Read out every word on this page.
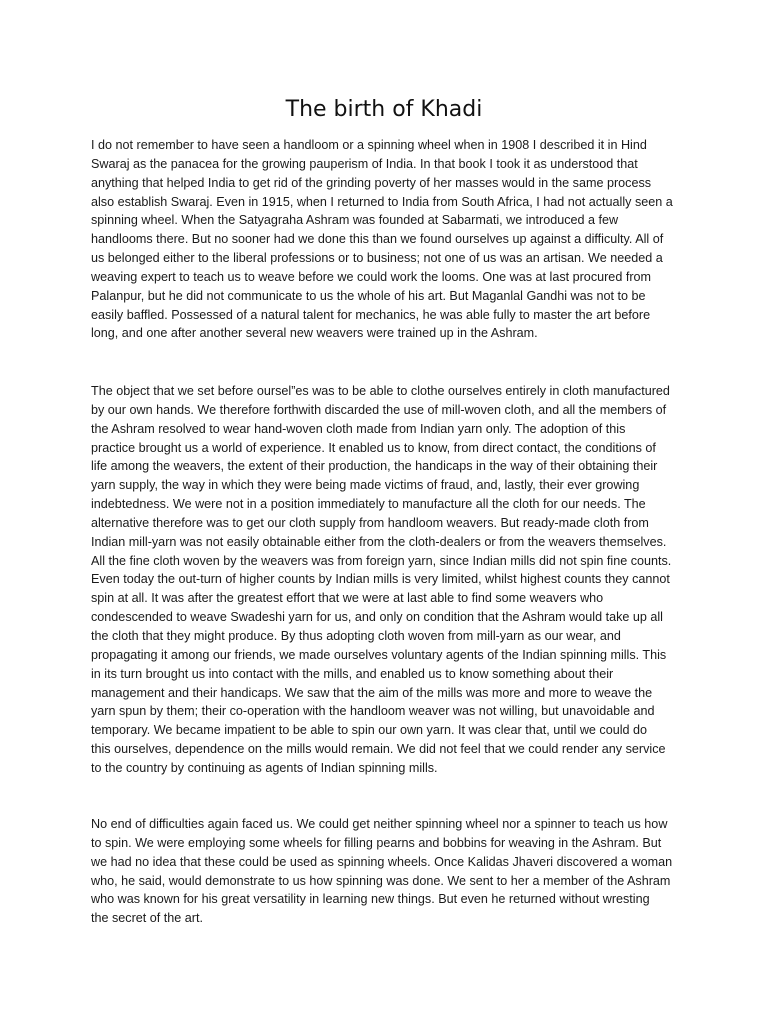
The birth of Khadi
I do not remember to have seen a handloom or a spinning wheel when in 1908 I described it in Hind
Swaraj as the panacea for the growing pauperism of India. In that book I took it as understood that
anything that helped India to get rid of the grinding poverty of her masses would in the same process
also establish Swaraj. Even in 1915, when I returned to India from South Africa, I had not actually seen a
spinning wheel. When the Satyagraha Ashram was founded at Sabarmati, we introduced a few
handlooms there. But no sooner had we done this than we found ourselves up against a difficulty. All of
us belonged either to the liberal professions or to business; not one of us was an artisan. We needed a
weaving expert to teach us to weave before we could work the looms. One was at last procured from
Palanpur, but he did not communicate to us the whole of his art. But Maganlal Gandhi was not to be
easily baffled. Possessed of a natural talent for mechanics, he was able fully to master the art before
long, and one after another several new weavers were trained up in the Ashram.
The object that we set before oursel”es was to be able to clothe ourselves entirely in cloth manufactured
by our own hands. We therefore forthwith discarded the use of mill-woven cloth, and all the members of
the Ashram resolved to wear hand-woven cloth made from Indian yarn only. The adoption of this
practice brought us a world of experience. It enabled us to know, from direct contact, the conditions of
life among the weavers, the extent of their production, the handicaps in the way of their obtaining their
yarn supply, the way in which they were being made victims of fraud, and, lastly, their ever growing
indebtedness. We were not in a position immediately to manufacture all the cloth for our needs. The
alternative therefore was to get our cloth supply from handloom weavers. But ready-made cloth from
Indian mill-yarn was not easily obtainable either from the cloth-dealers or from the weavers themselves.
All the fine cloth woven by the weavers was from foreign yarn, since Indian mills did not spin fine counts.
Even today the out-turn of higher counts by Indian mills is very limited, whilst highest counts they cannot
spin at all. It was after the greatest effort that we were at last able to find some weavers who
condescended to weave Swadeshi yarn for us, and only on condition that the Ashram would take up all
the cloth that they might produce. By thus adopting cloth woven from mill-yarn as our wear, and
propagating it among our friends, we made ourselves voluntary agents of the Indian spinning mills. This
in its turn brought us into contact with the mills, and enabled us to know something about their
management and their handicaps. We saw that the aim of the mills was more and more to weave the
yarn spun by them; their co-operation with the handloom weaver was not willing, but unavoidable and
temporary. We became impatient to be able to spin our own yarn. It was clear that, until we could do
this ourselves, dependence on the mills would remain. We did not feel that we could render any service
to the country by continuing as agents of Indian spinning mills.
No end of difficulties again faced us. We could get neither spinning wheel nor a spinner to teach us how
to spin. We were employing some wheels for filling pearns and bobbins for weaving in the Ashram. But
we had no idea that these could be used as spinning wheels. Once Kalidas Jhaveri discovered a woman
who, he said, would demonstrate to us how spinning was done. We sent to her a member of the Ashram
who was known for his great versatility in learning new things. But even he returned without wresting
the secret of the art.
